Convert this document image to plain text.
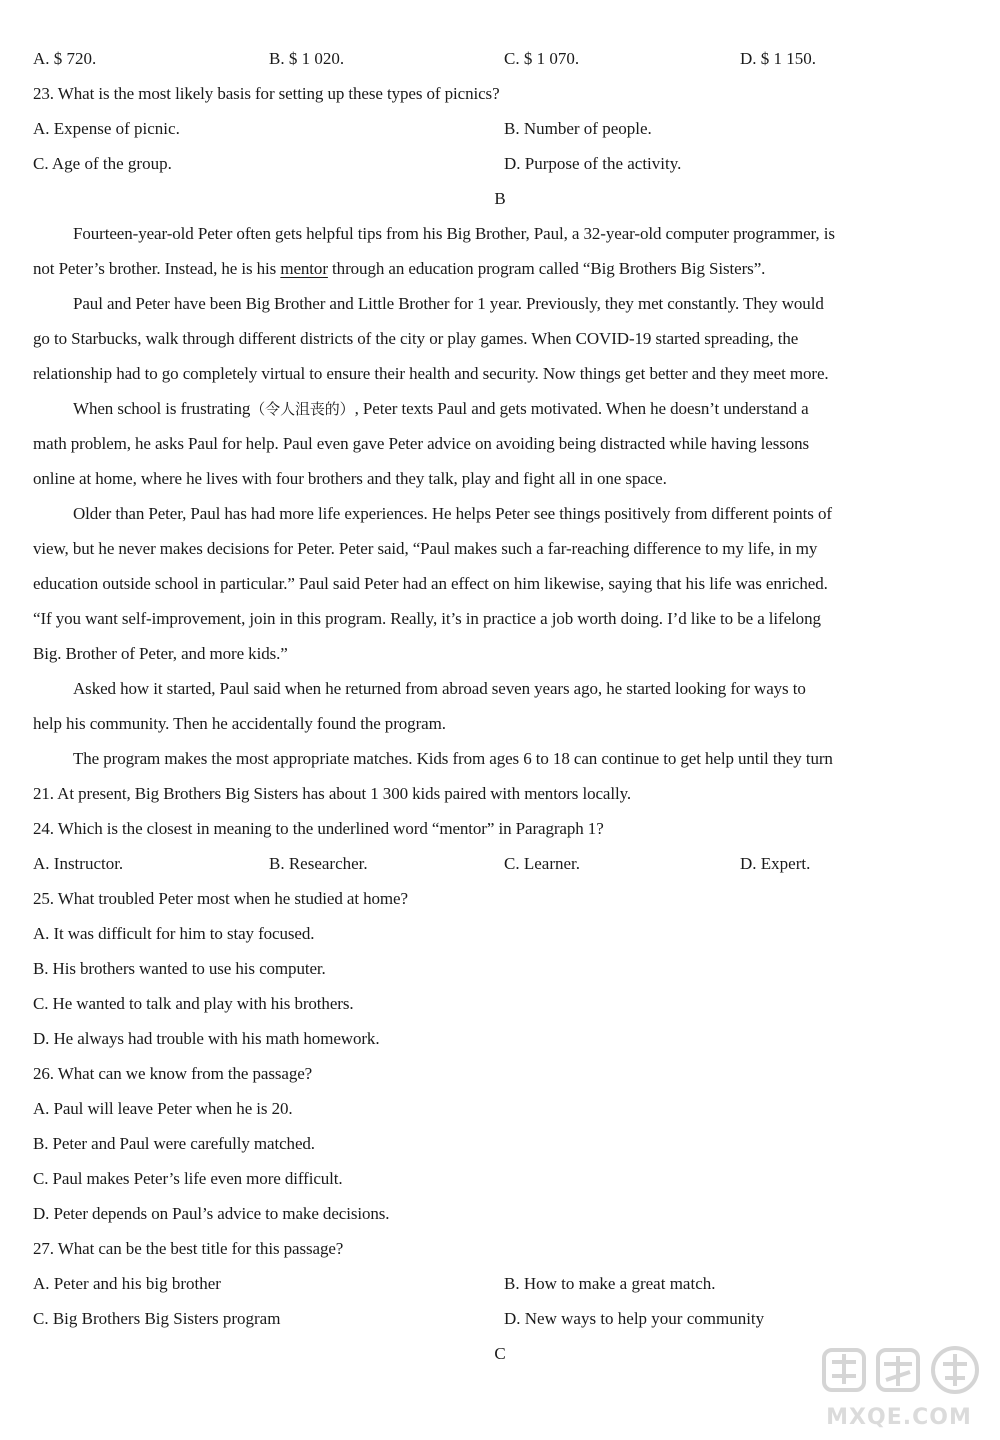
A. $ 720.	B. $ 1 020.	C. $ 1 070.	D. $ 1 150.
23. What is the most likely basis for setting up these types of picnics?
A. Expense of picnic.	B. Number of people.
C. Age of the group.	D. Purpose of the activity.
B
Fourteen-year-old Peter often gets helpful tips from his Big Brother, Paul, a 32-year-old computer programmer, is
not Peter’s brother. Instead, he is his mentor through an education program called “Big Brothers Big Sisters”.
Paul and Peter have been Big Brother and Little Brother for 1 year. Previously, they met constantly. They would
go to Starbucks, walk through different districts of the city or play games. When COVID-19 started spreading, the
relationship had to go completely virtual to ensure their health and security. Now things get better and they meet more.
When school is frustrating（令人沮丧的）, Peter texts Paul and gets motivated. When he doesn’t understand a
math problem, he asks Paul for help. Paul even gave Peter advice on avoiding being distracted while having lessons
online at home, where he lives with four brothers and they talk, play and fight all in one space.
Older than Peter, Paul has had more life experiences. He helps Peter see things positively from different points of
view, but he never makes decisions for Peter. Peter said, “Paul makes such a far-reaching difference to my life, in my
education outside school in particular.” Paul said Peter had an effect on him likewise, saying that his life was enriched.
“If you want self-improvement, join in this program. Really, it’s in practice a job worth doing. I’d like to be a lifelong
Big. Brother of Peter, and more kids.”
Asked how it started, Paul said when he returned from abroad seven years ago, he started looking for ways to
help his community. Then he accidentally found the program.
The program makes the most appropriate matches. Kids from ages 6 to 18 can continue to get help until they turn
21. At present, Big Brothers Big Sisters has about 1 300 kids paired with mentors locally.
24. Which is the closest in meaning to the underlined word “mentor” in Paragraph 1?
A. Instructor.	B. Researcher.	C. Learner.	D. Expert.
25. What troubled Peter most when he studied at home?
A. It was difficult for him to stay focused.
B. His brothers wanted to use his computer.
C. He wanted to talk and play with his brothers.
D. He always had trouble with his math homework.
26. What can we know from the passage?
A. Paul will leave Peter when he is 20.
B. Peter and Paul were carefully matched.
C. Paul makes Peter’s life even more difficult.
D. Peter depends on Paul’s advice to make decisions.
27. What can be the best title for this passage?
A. Peter and his big brother	B. How to make a great match.
C. Big Brothers Big Sisters program	D. New ways to help your community
C
MXQE.COM
